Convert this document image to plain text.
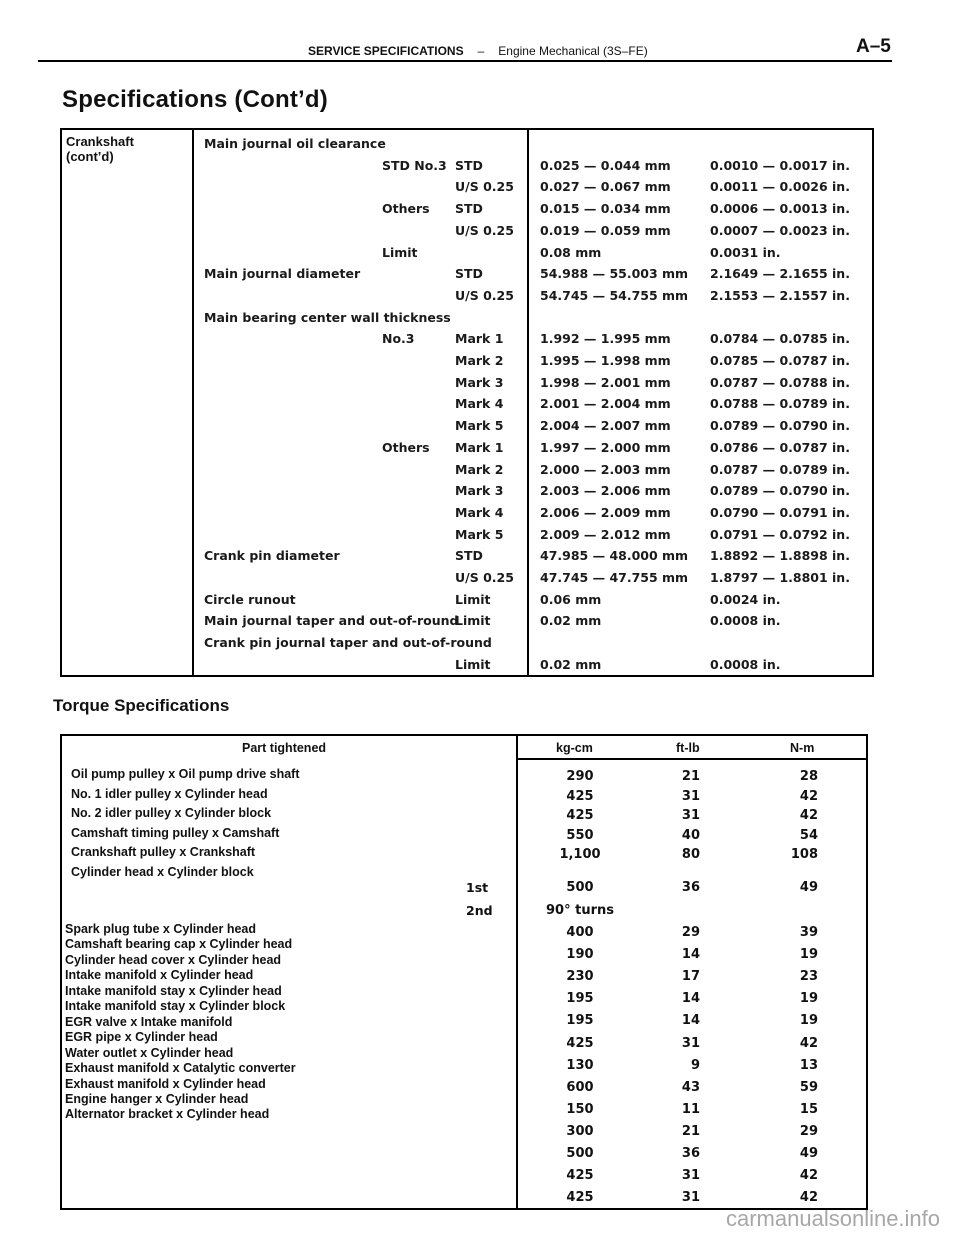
SERVICE SPECIFICATIONS – Engine Mechanical (3S–FE)	A–5
Specifications (Cont’d)
Crankshaft
(cont’d)
Main journal oil clearance
STD No.3 STD	0.025 — 0.044 mm	0.0010 — 0.0017 in.
U/S 0.25 0.027 — 0.067 mm	0.0011 — 0.0026 in.
Others STD	0.015 — 0.034 mm	0.0006 — 0.0013 in.
U/S 0.25 0.019 — 0.059 mm	0.0007 — 0.0023 in.
Limit	0.08 mm	0.0031 in.
Main journal diameter	STD	54.988 — 55.003 mm 2.1649 — 2.1655 in.
U/S 0.25 54.745 — 54.755 mm 2.1553 — 2.1557 in.
Main bearing center wall thickness
No.3	Mark 1	1.992 — 1.995 mm	0.0784 — 0.0785 in.
Mark 2	1.995 — 1.998 mm	0.0785 — 0.0787 in.
Mark 3	1.998 — 2.001 mm	0.0787 — 0.0788 in.
Mark 4	2.001 — 2.004 mm	0.0788 — 0.0789 in.
Mark 5	2.004 — 2.007 mm	0.0789 — 0.0790 in.
Others Mark 1	1.997 — 2.000 mm	0.0786 — 0.0787 in.
Mark 2	2.000 — 2.003 mm	0.0787 — 0.0789 in.
Mark 3	2.003 — 2.006 mm	0.0789 — 0.0790 in.
Mark 4	2.006 — 2.009 mm	0.0790 — 0.0791 in.
Mark 5	2.009 — 2.012 mm	0.0791 — 0.0792 in.
Crank pin diameter	STD	47.985 — 48.000 mm 1.8892 — 1.8898 in.
U/S 0.25 47.745 — 47.755 mm 1.8797 — 1.8801 in.
Circle runout	Limit	0.06 mm	0.0024 in.
Main journal taper and out-of-round
Limit	0.02 mm	0.0008 in.
Crank pin journal taper and out-of-round
Limit	0.02 mm	0.0008 in.
Torque Specifications
Part tightened	kg-cm	ft-lb	N-m
Oil pump pulley x Oil pump drive shaft	290	21	28
No. 1 idler pulley x Cylinder head	425	31	42
No. 2 idler pulley x Cylinder block	425	31	42
Camshaft timing pulley x Camshaft	550	40	54
Crankshaft pulley x Crankshaft	1,100	80	108
Cylinder head x Cylinder block
1st	500	36	49
2nd	90° turns
Spark plug tube x Cylinder head	400	29	39
Camshaft bearing cap x Cylinder head
190	14	19
Cylinder head cover x Cylinder head
230	17	23
Intake manifold x Cylinder head
195	14	19
Intake manifold stay x Cylinder head
195	14	19
Intake manifold stay x Cylinder block
425	31	42
EGR valve x Intake manifold
130	9	13
EGR pipe x Cylinder head
600	43	59
Water outlet x Cylinder head
150	11	15
Exhaust manifold x Catalytic converter
300	21	29
Exhaust manifold x Cylinder head
500	36	49
Engine hanger x Cylinder head
425	31	42
Alternator bracket x Cylinder head
425	31	42
carmanualsonline.info
